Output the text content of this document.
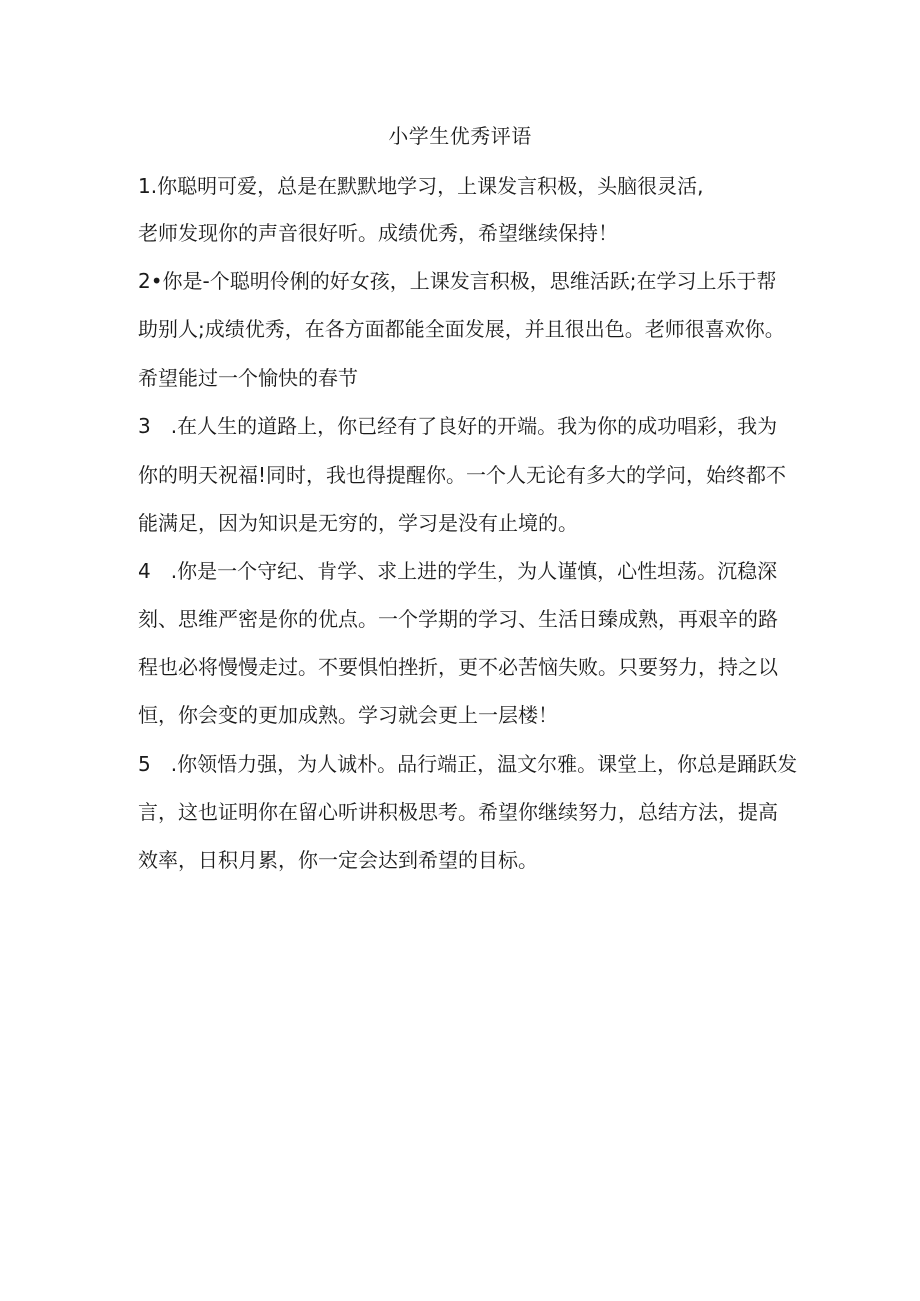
小学生优秀评语
1.你聪明可爱，总是在默默地学习，上课发言积极，头脑很灵活,
老师发现你的声音很好听。成绩优秀，希望继续保持！
2•你是-个聪明伶俐的好女孩，上课发言积极，思维活跃;在学习上乐于帮
助别人;成绩优秀，在各方面都能全面发展，并且很出色。老师很喜欢你。
希望能过一个愉快的春节
3　.在人生的道路上，你已经有了良好的开端。我为你的成功唱彩，我为
你的明天祝福!同时，我也得提醒你。一个人无论有多大的学问，始终都不
能满足，因为知识是无穷的，学习是没有止境的。
4　.你是一个守纪、肯学、求上进的学生，为人谨慎，心性坦荡。沉稳深
刻、思维严密是你的优点。一个学期的学习、生活日臻成熟，再艰辛的路
程也必将慢慢走过。不要惧怕挫折，更不必苦恼失败。只要努力，持之以
恒，你会变的更加成熟。学习就会更上一层楼！
5　.你领悟力强，为人诚朴。品行端正，温文尔雅。课堂上，你总是踊跃发
言，这也证明你在留心听讲积极思考。希望你继续努力，总结方法，提高
效率，日积月累，你一定会达到希望的目标。
